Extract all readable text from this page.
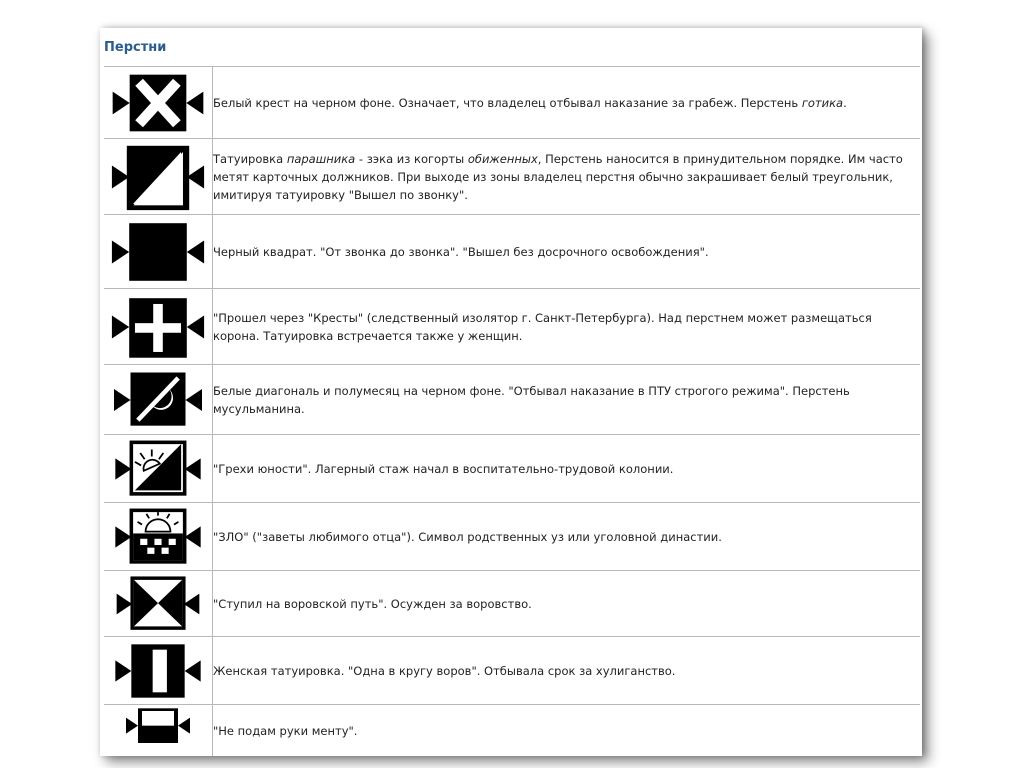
Перстни
	Белый крест на черном фоне. Означает, что владелец отбывал наказание за грабеж. Перстень готика.

	Татуировка парашника - зэка из когорты обиженных, Перстень наносится в принудительном порядке. Им часто метят карточных должников. При выходе из зоны владелец перстня обычно закрашивает белый треугольник, имитируя татуировку "Вышел по звонку".

	Черный квадрат. "От звонка до звонка". "Вышел без досрочного освобождения".

	"Прошел через "Кресты" (следственный изолятор г. Санкт-Петербурга). Над перстнем может размещаться корона. Татуировка встречается также у женщин.

	Белые диагональ и полумесяц на черном фоне. "Отбывал наказание в ПТУ строгого режима". Перстень мусульманина.

	"Грехи юности". Лагерный стаж начал в воспитательно-трудовой колонии.

	"ЗЛО" ("заветы любимого отца"). Символ родственных уз или уголовной династии.

	"Ступил на воровской путь". Осужден за воровство.

	Женская татуировка. "Одна в кругу воров". Отбывала срок за хулиганство.

	"Не подам руки менту".
